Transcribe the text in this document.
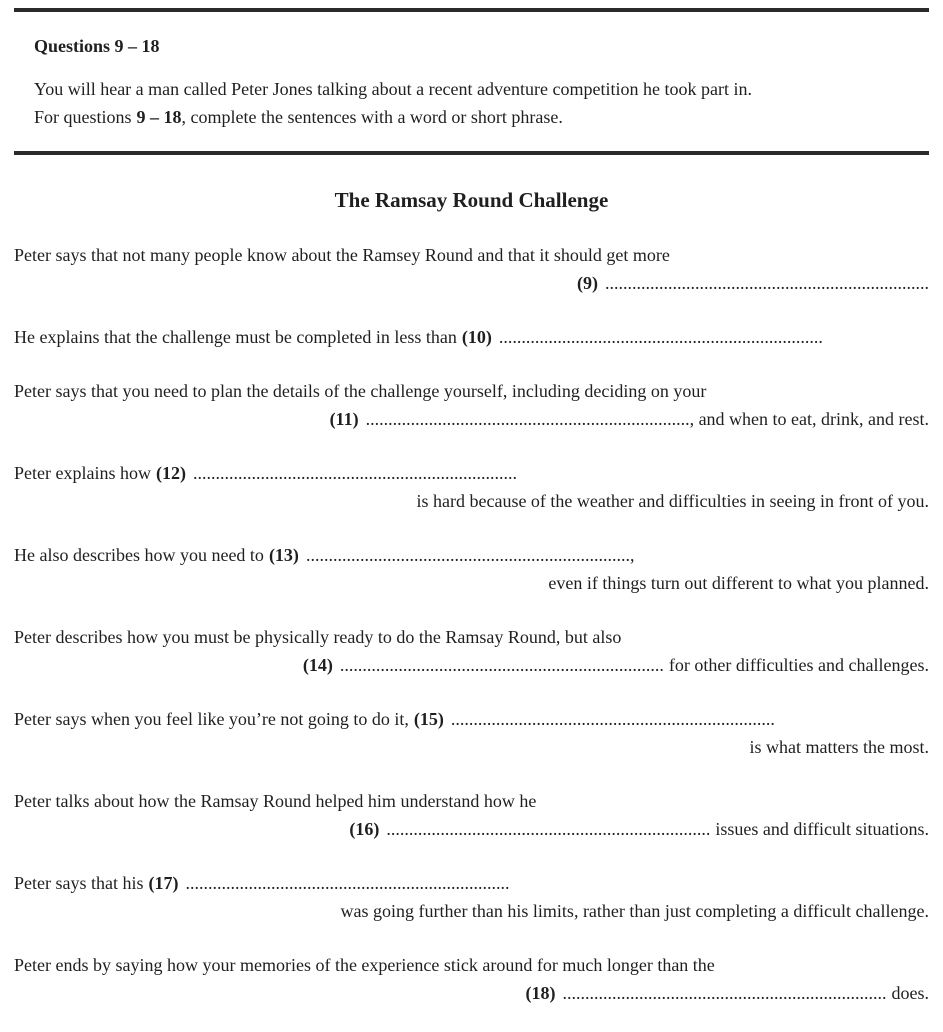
Questions 9 – 18

You will hear a man called Peter Jones talking about a recent adventure competition he took part in.
For questions 9 – 18, complete the sentences with a word or short phrase.
The Ramsay Round Challenge

Peter says that not many people know about the Ramsey Round and that it should get more

(9) ........................................................................

He explains that the challenge must be completed in less than (10) ........................................................................

Peter says that you need to plan the details of the challenge yourself, including deciding on your

(11) ........................................................................, and when to eat, drink, and rest.

Peter explains how (12) ........................................................................

is hard because of the weather and difficulties in seeing in front of you.

He also describes how you need to (13) ........................................................................,

even if things turn out different to what you planned.

Peter describes how you must be physically ready to do the Ramsay Round, but also

(14) ........................................................................ for other difficulties and challenges.

Peter says when you feel like you’re not going to do it, (15) ........................................................................

is what matters the most.

Peter talks about how the Ramsay Round helped him understand how he

(16) ........................................................................ issues and difficult situations.

Peter says that his (17) ........................................................................

was going further than his limits, rather than just completing a difficult challenge.

Peter ends by saying how your memories of the experience stick around for much longer than the

(18) ........................................................................ does.
